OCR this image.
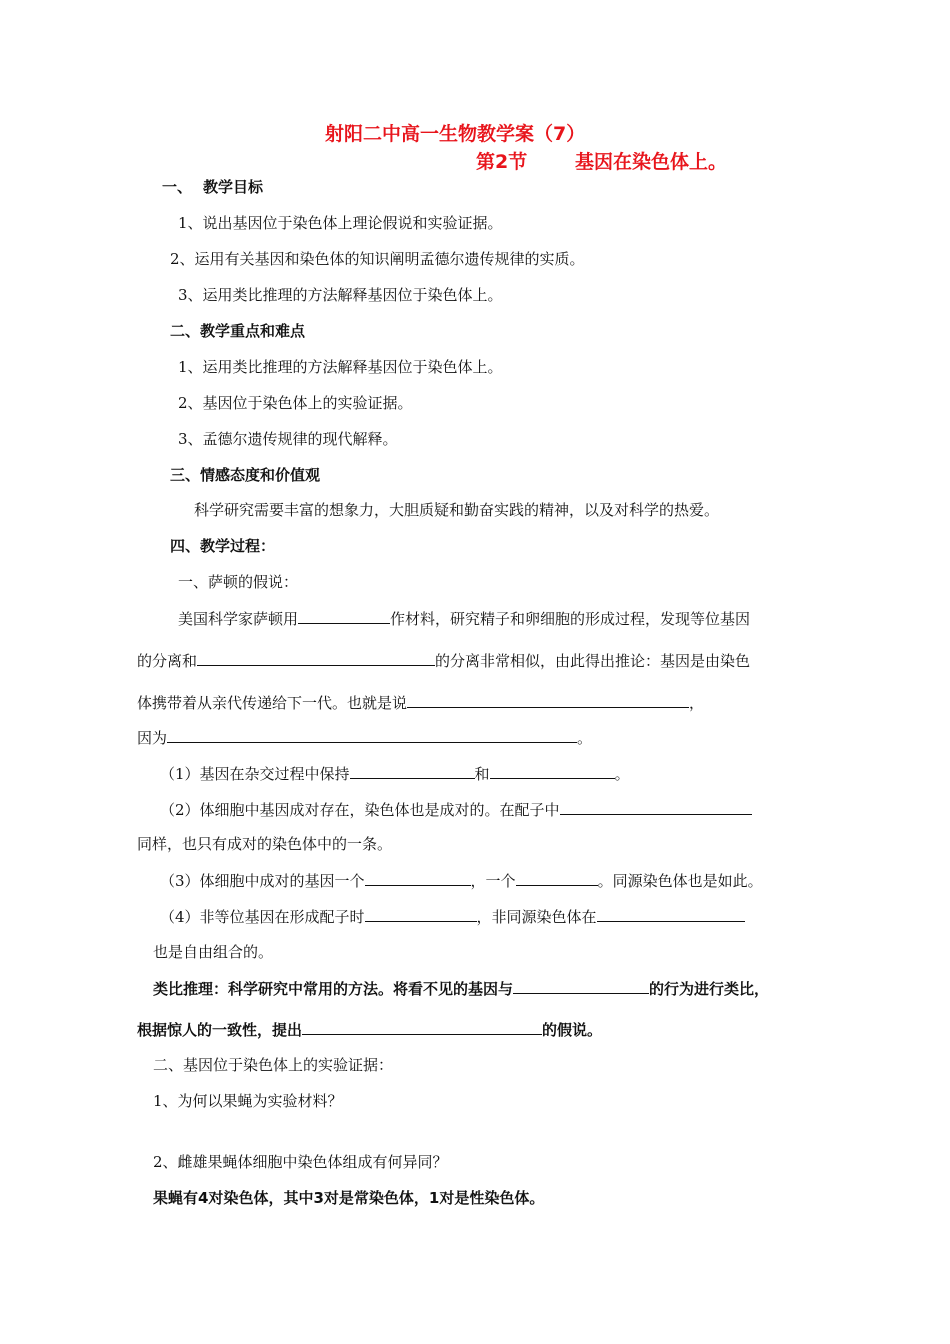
射阳二中高一生物教学案（7）
第2节	基因在染色体上。
一、 教学目标
1、说出基因位于染色体上理论假说和实验证据。
2、运用有关基因和染色体的知识阐明孟德尔遗传规律的实质。
3、运用类比推理的方法解释基因位于染色体上。
二、教学重点和难点
1、运用类比推理的方法解释基因位于染色体上。
2、基因位于染色体上的实验证据。
3、孟德尔遗传规律的现代解释。
三、情感态度和价值观
科学研究需要丰富的想象力，大胆质疑和勤奋实践的精神，以及对科学的热爱。
四、教学过程：
一、萨顿的假说：
美国科学家萨顿用	作材料，研究精子和卵细胞的形成过程，发现等位基因
的分离和	的分离非常相似，由此得出推论：基因是由染色
体携带着从亲代传递给下一代。也就是说	，
因为	。
（1）基因在杂交过程中保持	和	。
（2）体细胞中基因成对存在，染色体也是成对的。在配子中
同样，也只有成对的染色体中的一条。
（3）体细胞中成对的基因一个	，一个	。同源染色体也是如此。
（4）非等位基因在形成配子时	，非同源染色体在
也是自由组合的。
类比推理：科学研究中常用的方法。将看不见的基因与	的行为进行类比，
根据惊人的一致性，提出	的假说。
二、基因位于染色体上的实验证据：
1、为何以果蝇为实验材料？
2、雌雄果蝇体细胞中染色体组成有何异同？
果蝇有4对染色体，其中3对是常染色体，1对是性染色体。
